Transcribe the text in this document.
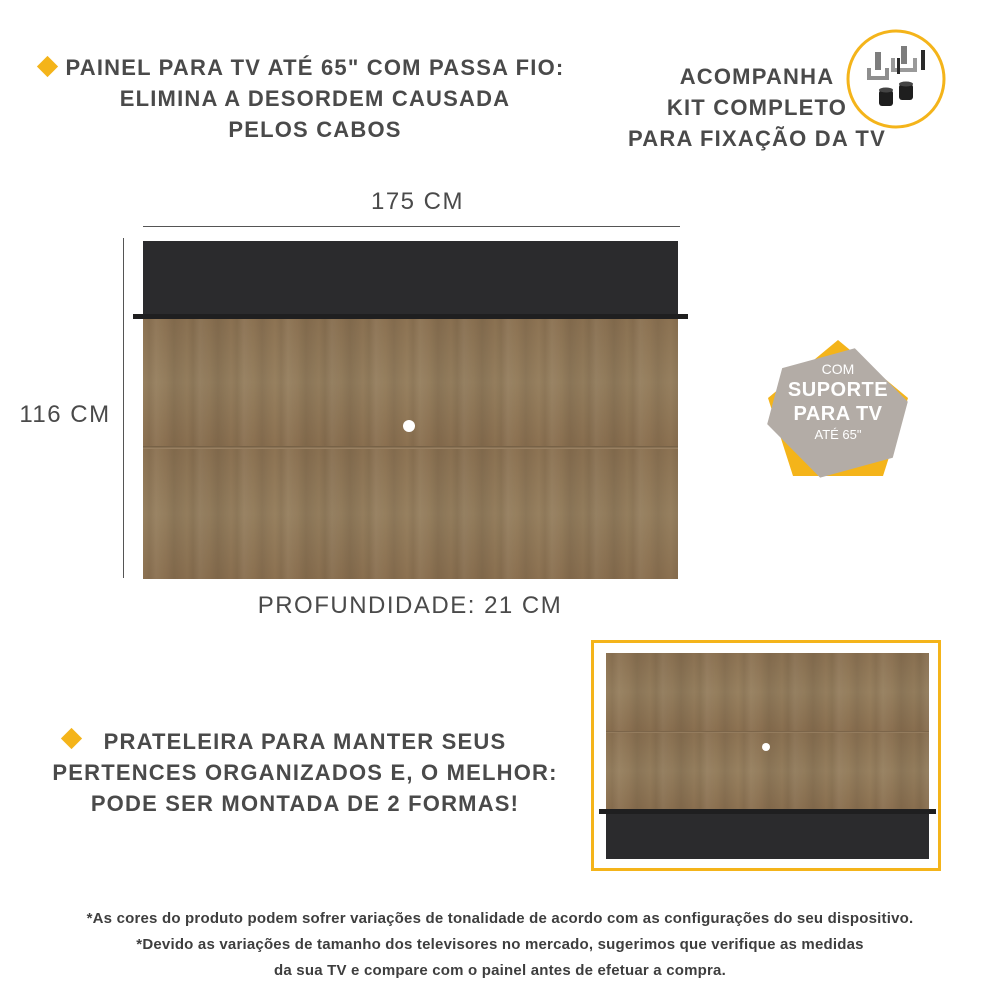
PAINEL PARA TV ATÉ 65" COM PASSA FIO:
ELIMINA A DESORDEM CAUSADA
PELOS CABOS
ACOMPANHA
KIT COMPLETO
PARA FIXAÇÃO DA TV
175 CM
116 CM
PROFUNDIDADE: 21 CM
COM
SUPORTE
PARA TV
ATÉ 65"
PRATELEIRA PARA MANTER SEUS
PERTENCES ORGANIZADOS E, O MELHOR:
PODE SER MONTADA DE 2 FORMAS!
*As cores do produto podem sofrer variações de tonalidade de acordo com as configurações do seu dispositivo.
*Devido as variações de tamanho dos televisores no mercado, sugerimos que verifique as medidas
da sua TV e compare com o painel antes de efetuar a compra.
